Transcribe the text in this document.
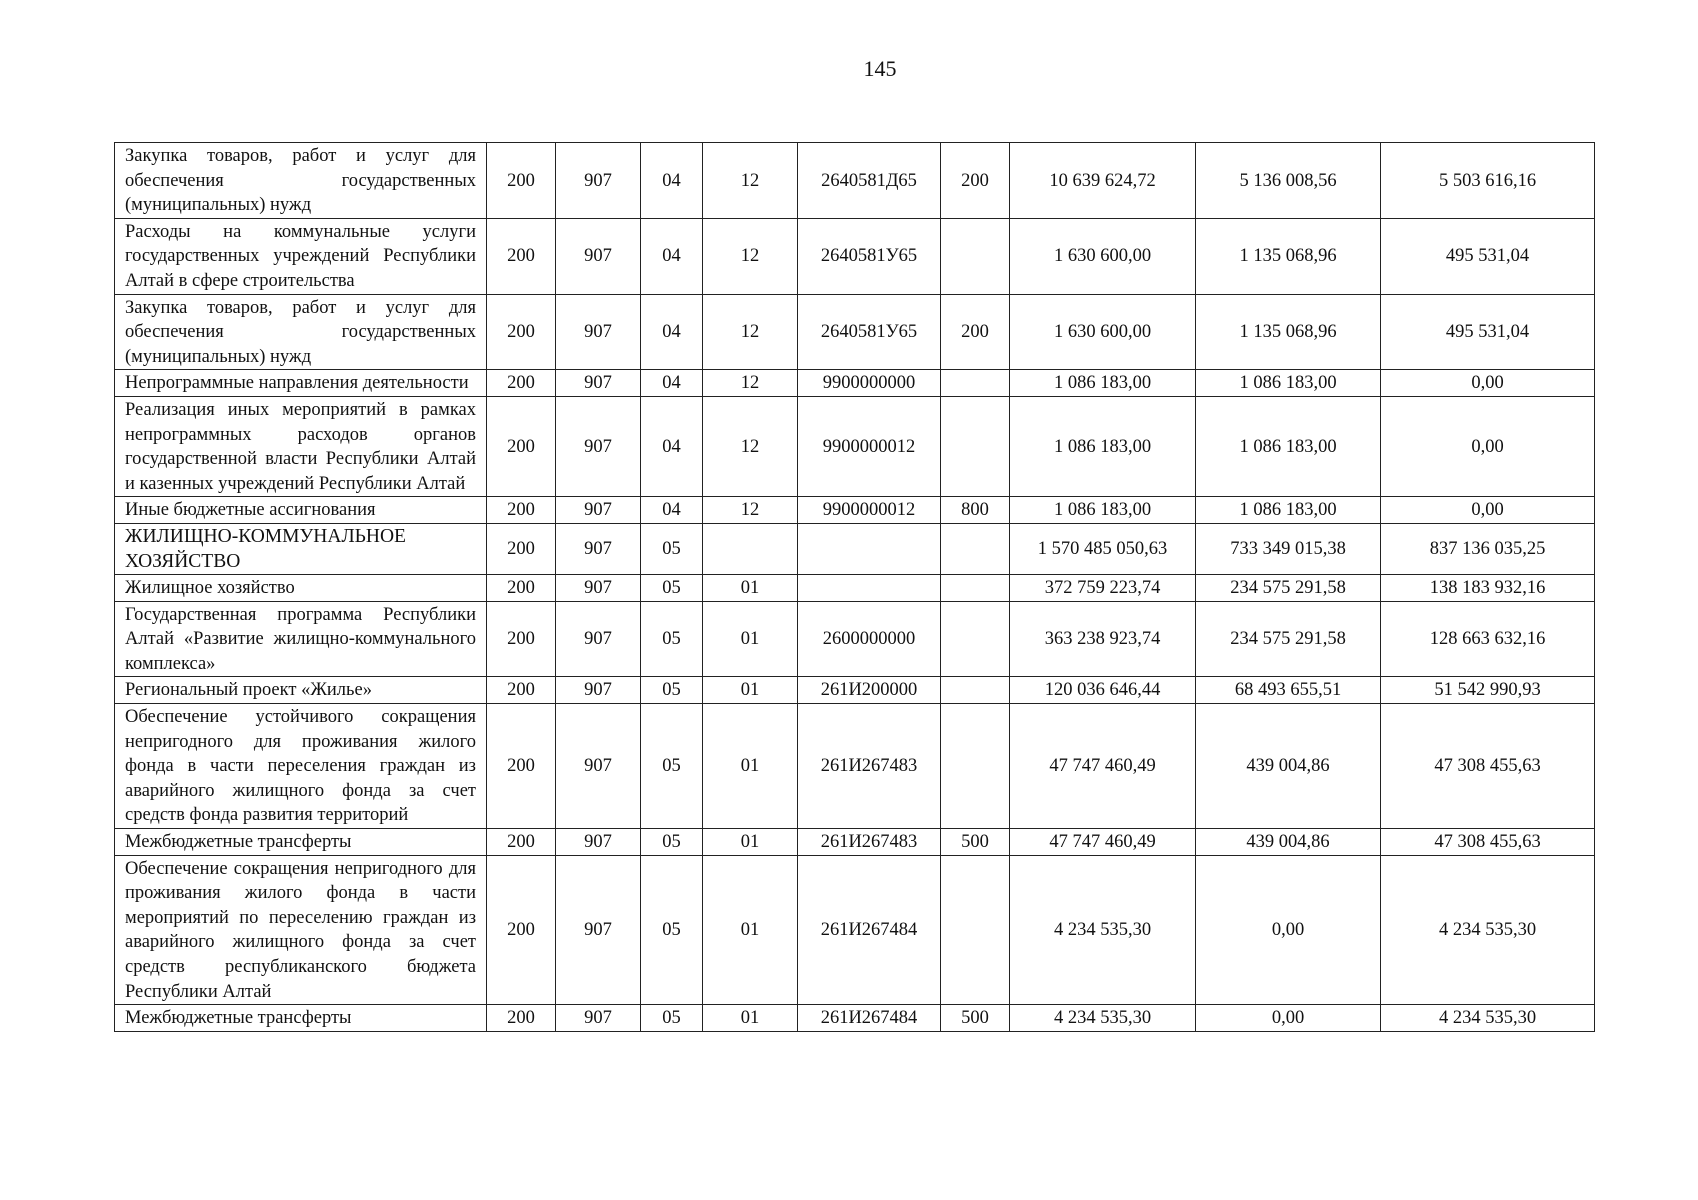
145
Закупка товаров, работ и услуг для обеспечения государственных (муниципальных) нужд	200	907	04	12	2640581Д65	200	10 639 624,72	5 136 008,56	5 503 616,16
Расходы на коммунальные услуги государственных учреждений Республики Алтай в сфере строительства	200	907	04	12	2640581У65		1 630 600,00	1 135 068,96	495 531,04
Закупка товаров, работ и услуг для обеспечения государственных (муниципальных) нужд	200	907	04	12	2640581У65	200	1 630 600,00	1 135 068,96	495 531,04
Непрограммные направления деятельности	200	907	04	12	9900000000		1 086 183,00	1 086 183,00	0,00
Реализация иных мероприятий в рамках непрограммных расходов органов государственной власти Республики Алтай и казенных учреждений Республики Алтай	200	907	04	12	9900000012		1 086 183,00	1 086 183,00	0,00
Иные бюджетные ассигнования	200	907	04	12	9900000012	800	1 086 183,00	1 086 183,00	0,00
ЖИЛИЩНО-КОММУНАЛЬНОЕ ХОЗЯЙСТВО	200	907	05				1 570 485 050,63	733 349 015,38	837 136 035,25
Жилищное хозяйство	200	907	05	01			372 759 223,74	234 575 291,58	138 183 932,16
Государственная программа Республики Алтай «Развитие жилищно-коммунального комплекса»	200	907	05	01	2600000000		363 238 923,74	234 575 291,58	128 663 632,16
Региональный проект «Жилье»	200	907	05	01	261И200000		120 036 646,44	68 493 655,51	51 542 990,93
Обеспечение устойчивого сокращения непригодного для проживания жилого фонда в части переселения граждан из аварийного жилищного фонда за счет средств фонда развития территорий	200	907	05	01	261И267483		47 747 460,49	439 004,86	47 308 455,63
Межбюджетные трансферты	200	907	05	01	261И267483	500	47 747 460,49	439 004,86	47 308 455,63
Обеспечение сокращения непригодного для проживания жилого фонда в части мероприятий по переселению граждан из аварийного жилищного фонда за счет средств республиканского бюджета Республики Алтай	200	907	05	01	261И267484		4 234 535,30	0,00	4 234 535,30
Межбюджетные трансферты	200	907	05	01	261И267484	500	4 234 535,30	0,00	4 234 535,30
